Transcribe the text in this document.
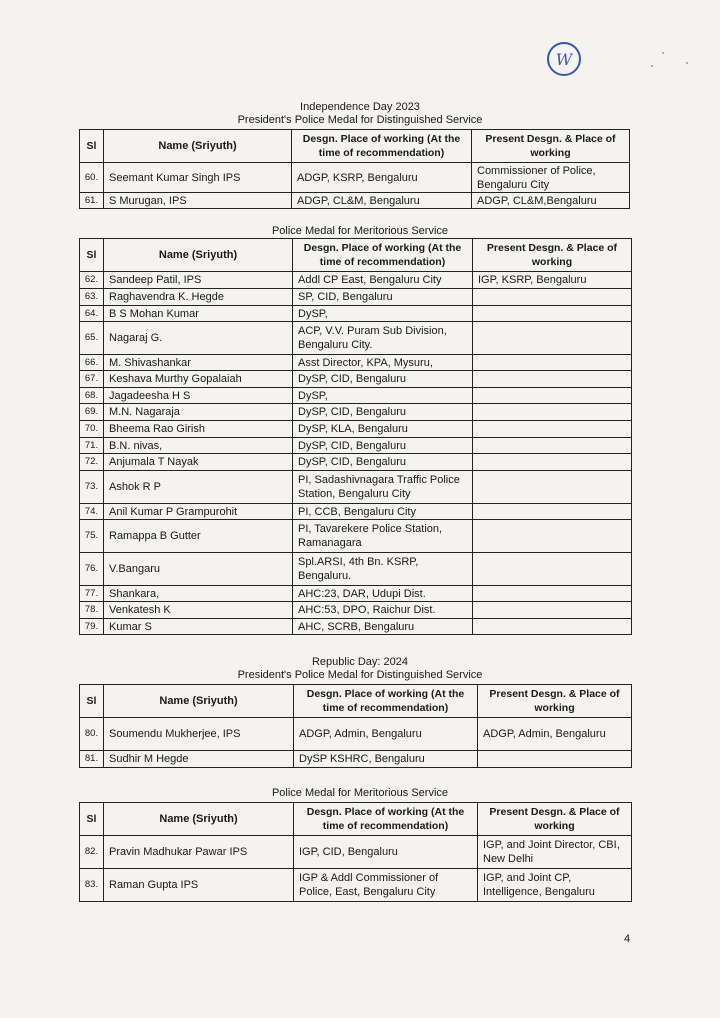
W
Independence Day 2023
President's Police Medal for Distinguished Service
Sl	Name (Sriyuth)	Desgn. Place of working (At the time of recommendation)	Present Desgn. & Place of working
60.	Seemant Kumar Singh IPS	ADGP, KSRP, Bengaluru	Commissioner of Police, Bengaluru City
61.	S Murugan, IPS	ADGP, CL&M, Bengaluru	ADGP, CL&M,Bengaluru
Police Medal for Meritorious Service
Sl	Name (Sriyuth)	Desgn. Place of working (At the time of recommendation)	Present Desgn. & Place of working
62.	Sandeep Patil, IPS	Addl CP East, Bengaluru City	IGP, KSRP, Bengaluru
63.	Raghavendra K. Hegde	SP, CID, Bengaluru	
64.	B S Mohan Kumar	DySP,	
65.	Nagaraj G.	ACP, V.V. Puram Sub Division, Bengaluru City.	
66.	M. Shivashankar	Asst Director, KPA, Mysuru,	
67.	Keshava Murthy Gopalaiah	DySP, CID, Bengaluru	
68.	Jagadeesha H S	DySP,	
69.	M.N. Nagaraja	DySP, CID, Bengaluru	
70.	Bheema Rao Girish	DySP, KLA, Bengaluru	
71.	B.N. nivas,	DySP, CID, Bengaluru	
72.	Anjumala T Nayak	DySP, CID, Bengaluru	
73.	Ashok R P	PI, Sadashivnagara Traffic Police Station, Bengaluru City	
74.	Anil Kumar P Grampurohit	PI, CCB, Bengaluru City	
75.	Ramappa B Gutter	PI, Tavarekere Police Station, Ramanagara	
76.	V.Bangaru	Spl.ARSI, 4th Bn. KSRP, Bengaluru.	
77.	Shankara,	AHC:23, DAR, Udupi Dist.	
78.	Venkatesh K	AHC:53, DPO, Raichur Dist.	
79.	Kumar S	AHC, SCRB, Bengaluru	
Republic Day: 2024
President's Police Medal for Distinguished Service
Sl	Name (Sriyuth)	Desgn. Place of working (At the time of recommendation)	Present Desgn. & Place of working
80.	Soumendu Mukherjee, IPS	ADGP, Admin, Bengaluru	ADGP, Admin, Bengaluru
81.	Sudhir M Hegde	DySP KSHRC, Bengaluru	
Police Medal for Meritorious Service
Sl	Name (Sriyuth)	Desgn. Place of working (At the time of recommendation)	Present Desgn. & Place of working
82.	Pravin Madhukar Pawar IPS	IGP, CID, Bengaluru	IGP, and Joint Director, CBI, New Delhi
83.	Raman Gupta IPS	IGP & Addl Commissioner of Police, East, Bengaluru City	IGP, and Joint CP, Intelligence, Bengaluru
4
